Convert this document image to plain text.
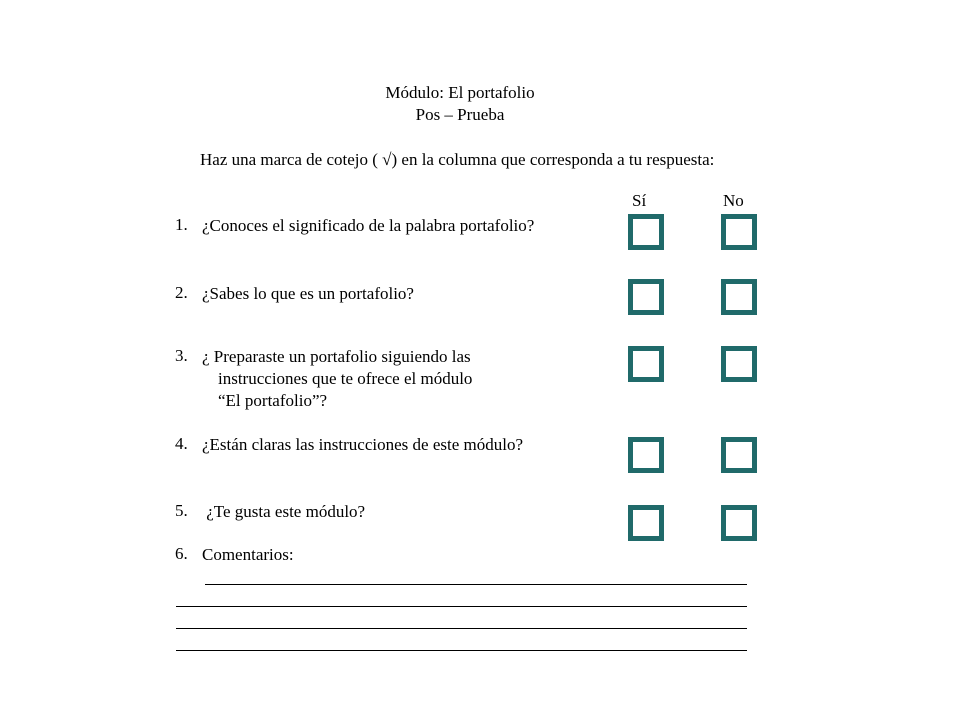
Módulo: El portafolio
Pos – Prueba
Haz una marca de cotejo ( √) en la columna que corresponda a tu respuesta:
Sí	No
1. ¿Conoces el significado de la palabra portafolio?
2. ¿Sabes lo que es un portafolio?
3. ¿ Preparaste un portafolio siguiendo las
instrucciones que te ofrece el módulo
“El portafolio”?
4. ¿Están claras las instrucciones de este módulo?
5. ¿Te gusta este módulo?
6. Comentarios:
